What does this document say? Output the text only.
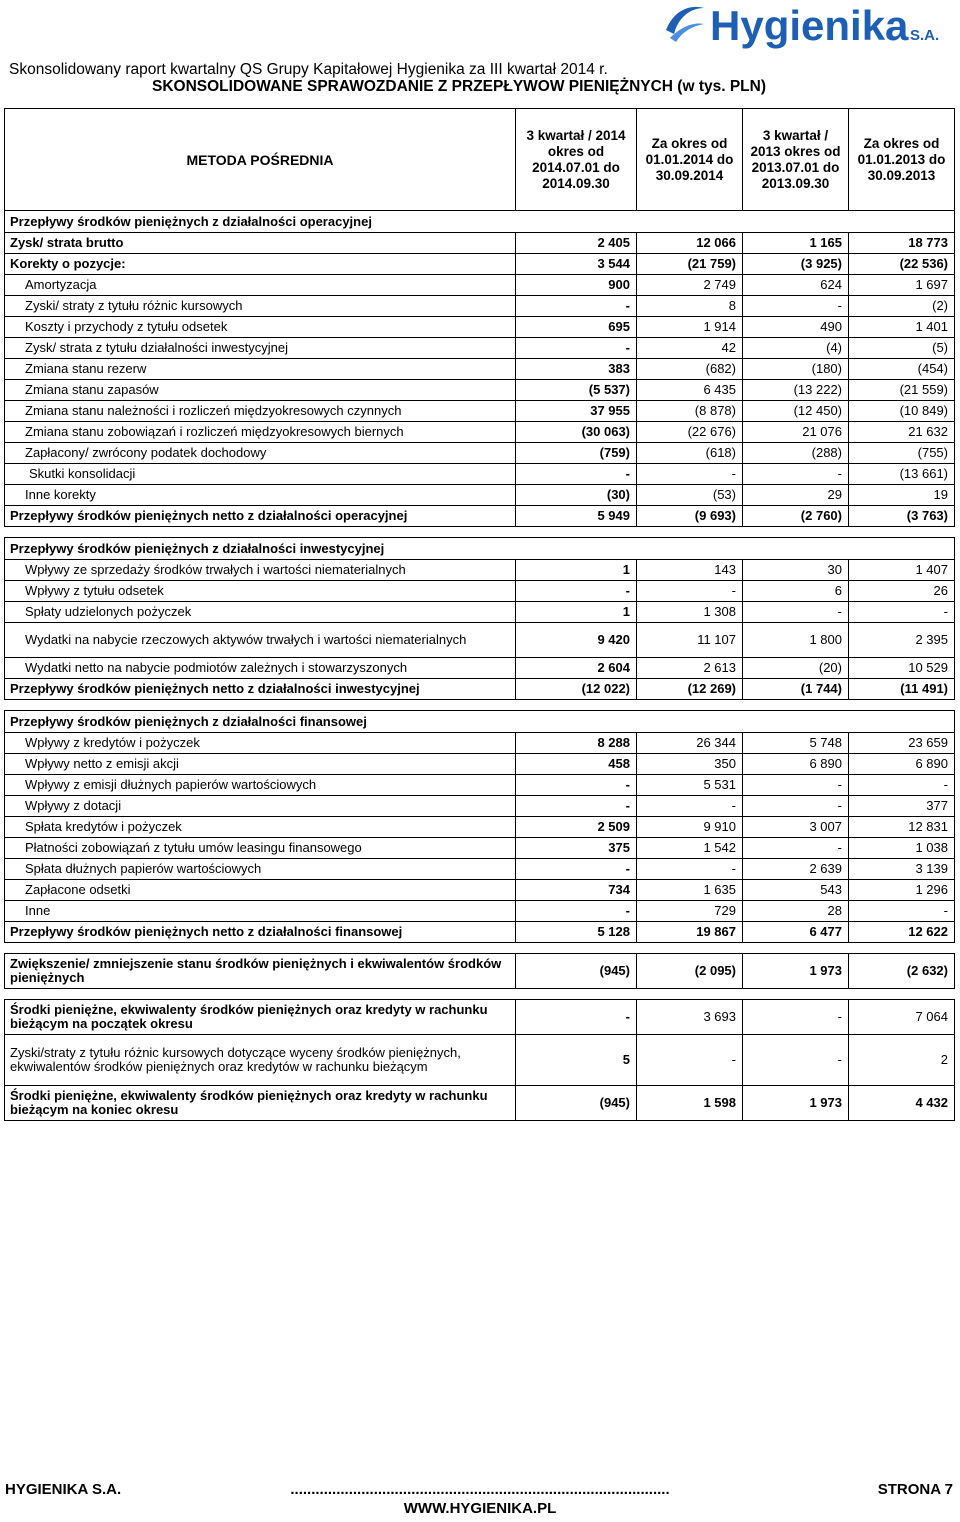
Hygienika S.A.
Skonsolidowany raport kwartalny QS Grupy Kapitałowej Hygienika za III kwartał 2014 r.
SKONSOLIDOWANE SPRAWOZDANIE Z PRZEPŁYWOW PIENIĘŻNYCH (w tys. PLN)
METODA POŚREDNIA	3 kwartał / 2014 okres od 2014.07.01 do 2014.09.30	Za okres od 01.01.2014 do 30.09.2014	3 kwartał / 2013 okres od 2013.07.01 do 2013.09.30	Za okres od 01.01.2013 do 30.09.2013
Przepływy środków pieniężnych z działalności operacyjnej				
Zysk/ strata brutto	2 405	12 066	1 165	18 773
Korekty o pozycje:	3 544	(21 759)	(3 925)	(22 536)
Amortyzacja	900	2 749	624	1 697
Zyski/ straty z tytułu różnic kursowych	-	8	-	(2)
Koszty i przychody z tytułu odsetek	695	1 914	490	1 401
Zysk/ strata z tytułu działalności inwestycyjnej	-	42	(4)	(5)
Zmiana stanu rezerw	383	(682)	(180)	(454)
Zmiana stanu zapasów	(5 537)	6 435	(13 222)	(21 559)
Zmiana stanu należności i rozliczeń międzyokresowych czynnych	37 955	(8 878)	(12 450)	(10 849)
Zmiana stanu zobowiązań i rozliczeń międzyokresowych biernych	(30 063)	(22 676)	21 076	21 632
Zapłacony/ zwrócony podatek dochodowy	(759)	(618)	(288)	(755)
Skutki konsolidacji	-	-	-	(13 661)
Inne korekty	(30)	(53)	29	19
Przepływy środków pieniężnych netto z działalności operacyjnej	5 949	(9 693)	(2 760)	(3 763)

Przepływy środków pieniężnych z działalności inwestycyjnej				
Wpływy ze sprzedaży środków trwałych i wartości niematerialnych	1	143	30	1 407
Wpływy z tytułu odsetek	-	-	6	26
Spłaty udzielonych pożyczek	1	1 308	-	-
Wydatki na nabycie rzeczowych aktywów trwałych i wartości niematerialnych	9 420	11 107	1 800	2 395
Wydatki netto na nabycie podmiotów zależnych i stowarzyszonych	2 604	2 613	(20)	10 529
Przepływy środków pieniężnych netto z działalności inwestycyjnej	(12 022)	(12 269)	(1 744)	(11 491)

Przepływy środków pieniężnych z działalności finansowej				
Wpływy z kredytów i pożyczek	8 288	26 344	5 748	23 659
Wpływy netto z emisji akcji	458	350	6 890	6 890
Wpływy z emisji dłużnych papierów wartościowych	-	5 531	-	-
Wpływy z dotacji	-	-	-	377
Spłata kredytów i pożyczek	2 509	9 910	3 007	12 831
Płatności zobowiązań z tytułu umów leasingu finansowego	375	1 542	-	1 038
Spłata dłużnych papierów wartościowych	-	-	2 639	3 139
Zapłacone odsetki	734	1 635	543	1 296
Inne	-	729	28	-
Przepływy środków pieniężnych netto z działalności finansowej	5 128	19 867	6 477	12 622

Zwiększenie/ zmniejszenie stanu środków pieniężnych i ekwiwalentów środków pieniężnych	(945)	(2 095)	1 973	(2 632)

Środki pieniężne, ekwiwalenty środków pieniężnych oraz kredyty w rachunku bieżącym na początek okresu	-	3 693	-	7 064
Zyski/straty z tytułu różnic kursowych dotyczące wyceny środków pieniężnych, ekwiwalentów środków pieniężnych oraz kredytów w rachunku bieżącym	5	-	-	2
Środki pieniężne, ekwiwalenty środków pieniężnych oraz kredyty w rachunku bieżącym na koniec okresu	(945)	1 598	1 973	4 432
HYGIENIKA S.A.	...........................................................................................	STRONA 7
WWW.HYGIENIKA.PL
